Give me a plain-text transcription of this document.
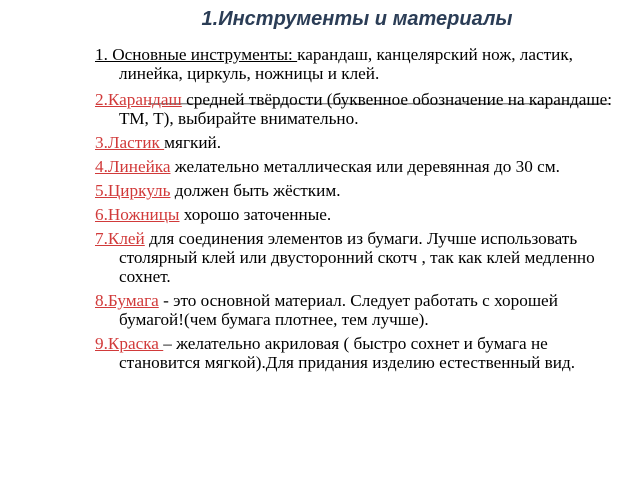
1.Инструменты и материалы
1. Основные инструменты: карандаш, канцелярский нож, ластик, линейка, циркуль, ножницы и клей.
2.Карандаш средней твёрдости (буквенное обозначение на карандаше: ТМ, Т), выбирайте внимательно.
3.Ластик мягкий.
4.Линейка желательно металлическая или деревянная до 30 см.
5.Циркуль должен быть жёстким.
6.Ножницы хорошо заточенные.
7.Клей для соединения элементов из бумаги. Лучше использовать столярный клей или двусторонний скотч , так как клей медленно сохнет.
8.Бумага - это основной материал. Следует работать с хорошей бумагой!(чем бумага плотнее, тем лучше).
9.Краска – желательно акриловая ( быстро сохнет и бумага не становится мягкой).Для придания изделию естественный вид.
